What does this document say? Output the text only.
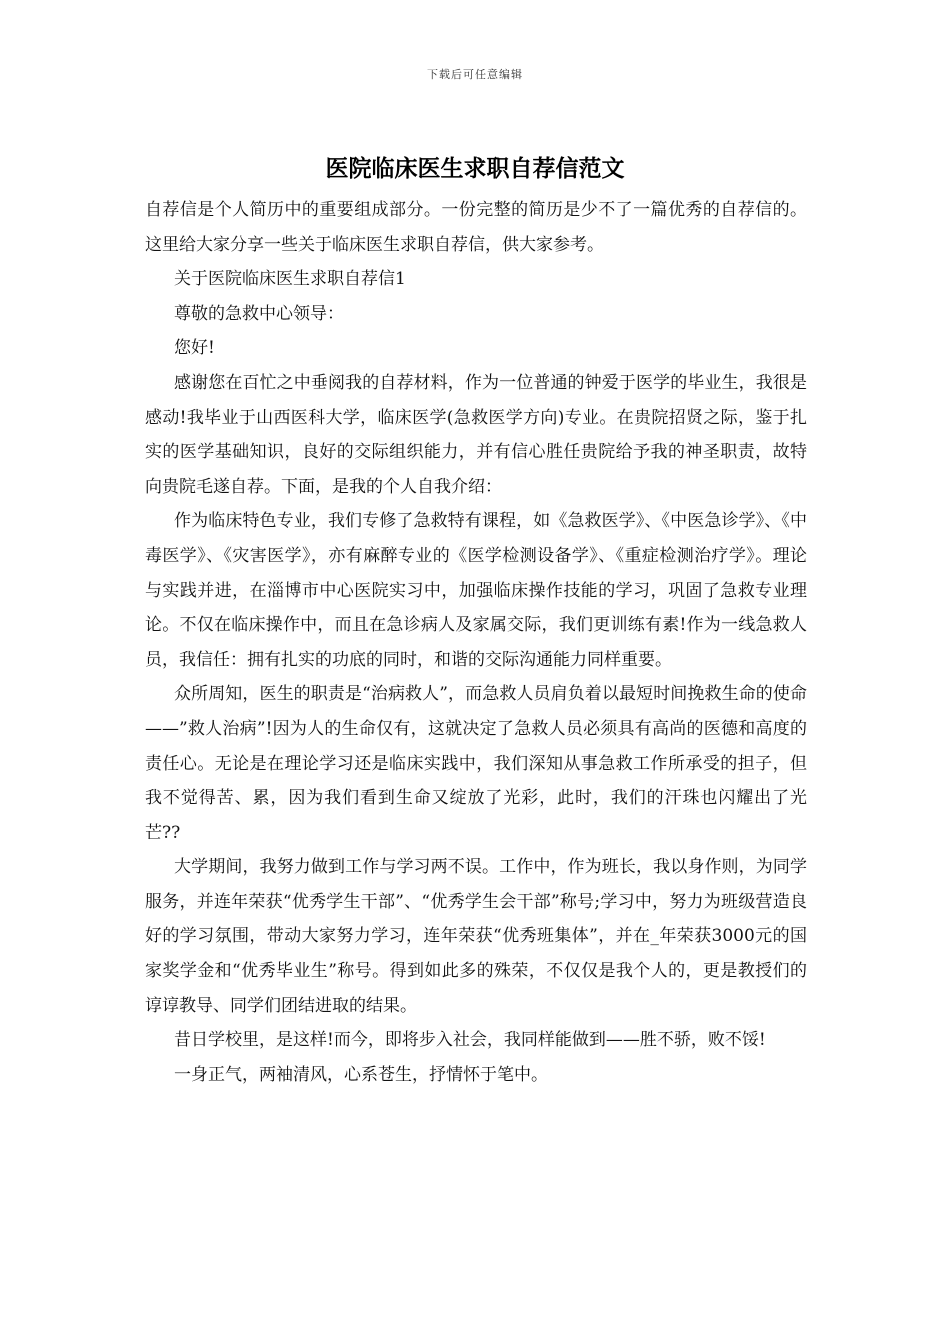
下载后可任意编辑
医院临床医生求职自荐信范文

自荐信是个人简历中的重要组成部分。一份完整的简历是少不了一篇优秀的自荐信的。这里给大家分享一些关于临床医生求职自荐信，供大家参考。

关于医院临床医生求职自荐信1

尊敬的急救中心领导：

您好!

感谢您在百忙之中垂阅我的自荐材料，作为一位普通的钟爱于医学的毕业生，我很是感动!我毕业于山西医科大学，临床医学(急救医学方向)专业。在贵院招贤之际，鉴于扎实的医学基础知识，良好的交际组织能力，并有信心胜任贵院给予我的神圣职责，故特向贵院毛遂自荐。下面，是我的个人自我介绍：

作为临床特色专业，我们专修了急救特有课程，如《急救医学》、《中医急诊学》、《中毒医学》、《灾害医学》，亦有麻醉专业的《医学检测设备学》、《重症检测治疗学》。理论与实践并进，在淄博市中心医院实习中，加强临床操作技能的学习，巩固了急救专业理论。不仅在临床操作中，而且在急诊病人及家属交际，我们更训练有素!作为一线急救人员，我信任：拥有扎实的功底的同时，和谐的交际沟通能力同样重要。

众所周知，医生的职责是“治病救人”，而急救人员肩负着以最短时间挽救生命的使命——”救人治病”!因为人的生命仅有，这就决定了急救人员必须具有高尚的医德和高度的责任心。无论是在理论学习还是临床实践中，我们深知从事急救工作所承受的担子，但我不觉得苦、累，因为我们看到生命又绽放了光彩，此时，我们的汗珠也闪耀出了光芒??

大学期间，我努力做到工作与学习两不误。工作中，作为班长，我以身作则，为同学服务，并连年荣获“优秀学生干部”、“优秀学生会干部”称号;学习中，努力为班级营造良好的学习氛围，带动大家努力学习，连年荣获“优秀班集体”，并在_年荣获3000元的国家奖学金和“优秀毕业生”称号。得到如此多的殊荣，不仅仅是我个人的，更是教授们的谆谆教导、同学们团结进取的结果。

昔日学校里，是这样!而今，即将步入社会，我同样能做到——胜不骄，败不馁!

一身正气，两袖清风，心系苍生，抒情怀于笔中。
